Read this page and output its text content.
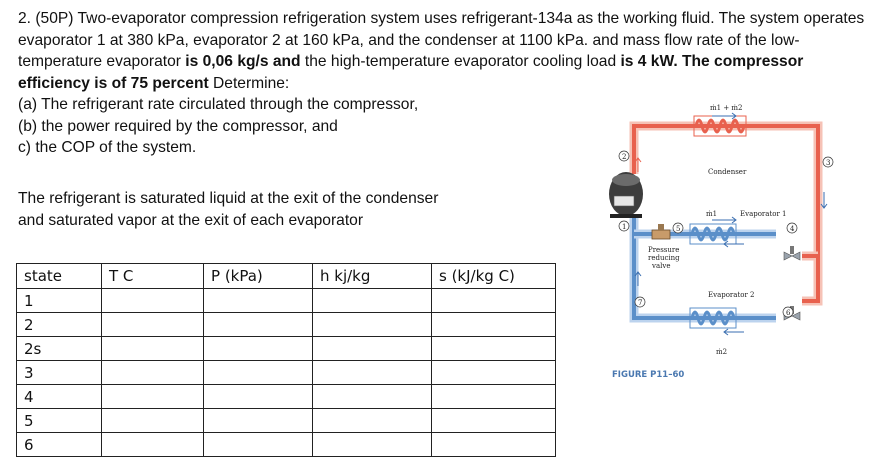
2. (50P) Two-evaporator compression refrigeration system uses refrigerant-134a as the working fluid. The system operates evaporator 1 at 380 kPa, evaporator 2 at 160 kPa, and the condenser at 1100 kPa. and mass flow rate of the low-temperature evaporator is 0,06 kg/s and the high-temperature evaporator cooling load is 4 kW. The compressor efficiency is of 75 percent Determine:

(a) The refrigerant rate circulated through the compressor,

(b) the power required by the compressor, and

c) the COP of the system.

The refrigerant is saturated liquid at the exit of the condenser

and saturated vapor at the exit of each evaporator

state	T C	P (kPa)	h kj/kg	s (kJ/kg C)
1				
2				
2s				
3				
4				
5				
6				
2
3
4
5
6
7
1
ṁ1 + ṁ2
Condenser
Evaporator 1
ṁ1
Evaporator 2
ṁ2
Pressure
reducing
valve
FIGURE P11–60
